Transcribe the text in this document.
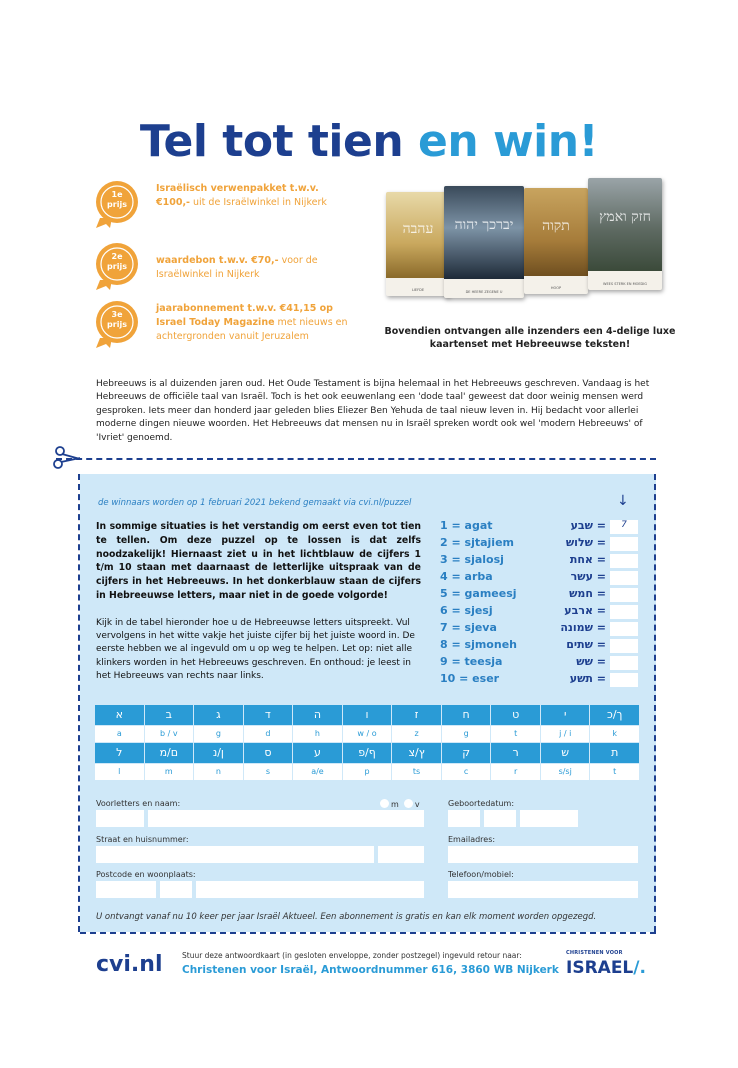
Tel tot tien en win!
1e
prijs
Israëlisch verwenpakket t.w.v. €100,- uit de Israëlwinkel in Nijkerk
2e
prijs
waardebon t.w.v. €70,- voor de Israëlwinkel in Nijkerk
3e
prijs
jaarabonnement t.w.v. €41,15 op Israel Today Magazine met nieuws en achtergronden vanuit Jeruzalem
ﬠהבה
LIEFDE
יברכך יהוה
DE HEERE ZEGENE U
תקוה
HOOP
חזק ואמץ
WEES STERK EN MOEDIG
Bovendien ontvangen alle inzenders een 4-delige luxe kaartenset met Hebreeuwse teksten!
Hebreeuws is al duizenden jaren oud. Het Oude Testament is bijna helemaal in het Hebreeuws geschreven. Vandaag is het Hebreeuws de officiële taal van Israël. Toch is het ook eeuwenlang een 'dode taal' geweest dat door weinig mensen werd gesproken. Iets meer dan honderd jaar geleden blies Eliezer Ben Yehuda de taal nieuw leven in. Hij bedacht voor allerlei moderne dingen nieuwe woorden. Het Hebreeuws dat mensen nu in Israël spreken wordt ook wel 'modern Hebreeuws' of 'Ivriet' genoemd.
de winnaars worden op 1 februari 2021 bekend gemaakt via cvi.nl/puzzel	↓
In sommige situaties is het verstandig om eerst even tot tien te tellen. Om deze puzzel op te lossen is dat zelfs noodzakelijk! Hiernaast ziet u in het lichtblauw de cijfers 1 t/m 10 staan met daarnaast de letterlijke uitspraak van de cijfers in het Hebreeuws. In het donkerblauw staan de cijfers in Hebreeuwse letters, maar niet in de goede volgorde!
Kijk in de tabel hieronder hoe u de Hebreeuwse letters uitspreekt. Vul vervolgens in het witte vakje het juiste cijfer bij het juiste woord in. De eerste hebben we al ingevuld om u op weg te helpen. Let op: niet alle klinkers worden in het Hebreeuws geschreven. En onthoud: je leest in het Hebreeuws van rechts naar links.
1 = agat	= שבע	7
2 = sjtajiem	= שלוש
3 = sjalosj	= אחת
4 = arba	= עשר
5 = gameesj	= חמש
6 = sjesj	= ארבע
7 = sjeva	= שמונה
8 = sjmoneh	= שתים
9 = teesja	= שש
10 = eser	= תשע
א	ב	ג	ד	ה	ו	ז	ח	ט	י	ך/כ
a	b / v	g	d	h	w / o	z	g	t	j / i	k
ל	ם/מ	ן/נ	ס	ע	ף/פ	ץ/צ	ק	ר	ש	ת
l	m	n	s	a/e	p	ts	c	r	s/sj	t
Voorletters en naam:	m v	Geboortedatum:
Straat en huisnummer:	Emailadres:
Postcode en woonplaats:	Telefoon/mobiel:
U ontvangt vanaf nu 10 keer per jaar Israël Aktueel. Een abonnement is gratis en kan elk moment worden opgezegd.
cvi.nl	Stuur deze antwoordkaart (in gesloten enveloppe, zonder postzegel) ingevuld retour naar:
Christenen voor Israël, Antwoordnummer 616, 3860 WB Nijkerk
CHRISTENEN VOOR
ISRAEL/.
